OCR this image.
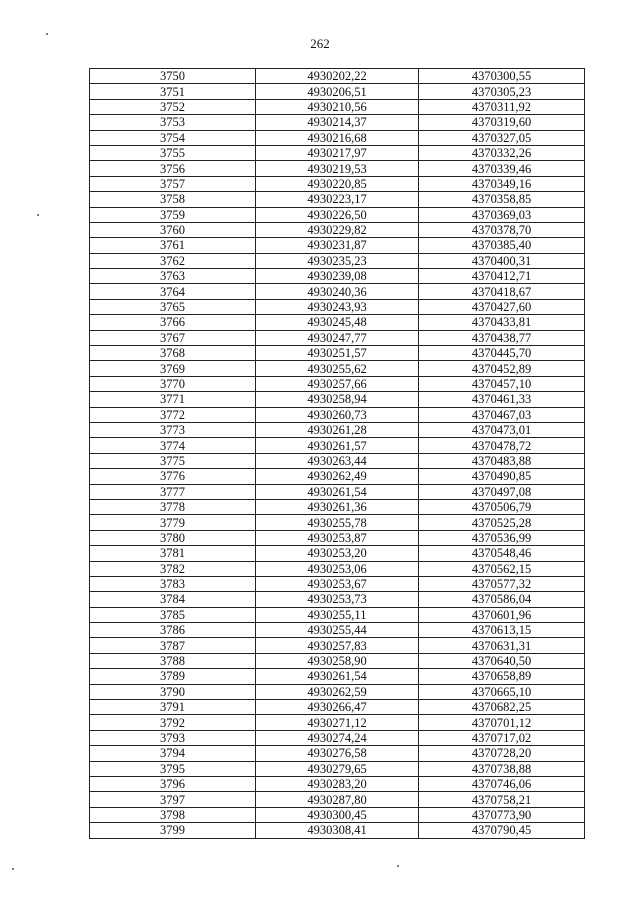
262
3750	4930202,22	4370300,55
3751	4930206,51	4370305,23
3752	4930210,56	4370311,92
3753	4930214,37	4370319,60
3754	4930216,68	4370327,05
3755	4930217,97	4370332,26
3756	4930219,53	4370339,46
3757	4930220,85	4370349,16
3758	4930223,17	4370358,85
3759	4930226,50	4370369,03
3760	4930229,82	4370378,70
3761	4930231,87	4370385,40
3762	4930235,23	4370400,31
3763	4930239,08	4370412,71
3764	4930240,36	4370418,67
3765	4930243,93	4370427,60
3766	4930245,48	4370433,81
3767	4930247,77	4370438,77
3768	4930251,57	4370445,70
3769	4930255,62	4370452,89
3770	4930257,66	4370457,10
3771	4930258,94	4370461,33
3772	4930260,73	4370467,03
3773	4930261,28	4370473,01
3774	4930261,57	4370478,72
3775	4930263,44	4370483,88
3776	4930262,49	4370490,85
3777	4930261,54	4370497,08
3778	4930261,36	4370506,79
3779	4930255,78	4370525,28
3780	4930253,87	4370536,99
3781	4930253,20	4370548,46
3782	4930253,06	4370562,15
3783	4930253,67	4370577,32
3784	4930253,73	4370586,04
3785	4930255,11	4370601,96
3786	4930255,44	4370613,15
3787	4930257,83	4370631,31
3788	4930258,90	4370640,50
3789	4930261,54	4370658,89
3790	4930262,59	4370665,10
3791	4930266,47	4370682,25
3792	4930271,12	4370701,12
3793	4930274,24	4370717,02
3794	4930276,58	4370728,20
3795	4930279,65	4370738,88
3796	4930283,20	4370746,06
3797	4930287,80	4370758,21
3798	4930300,45	4370773,90
3799	4930308,41	4370790,45
